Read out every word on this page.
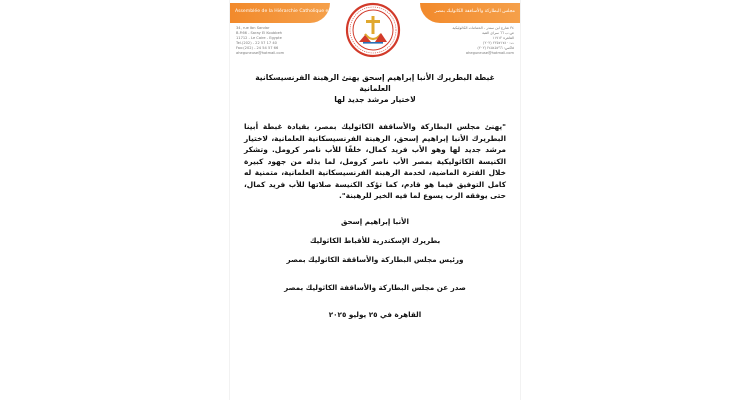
Assemblée de la Hiérarchie Catholique en Egypte	مجلس البطاركة والأساقفة الكاثوليك بمصر
34, rue Ibn Sandar
B.P.66 - Saray El Koubbeh
11712 - Le Caire - Egypte
Tel.(202) - 22 57 17 40
Fax:(202) - 24 54 57 66
aheguneuse@hotmail.com
٣٤ شارع ابن سندر - الحمامات الكاثوليكية
ص.ب ٦٦ سراي القبة
القاهرة ١١٧١٢
ت: ٢٢٥٧١٧٤٠ (٢٠٢)
فاكس: ٢٤٥٤٥٧٦٦ (٢٠٢)
aheguneuse@hotmail.com

غبطة البطريرك الأنبا إبراهيم إسحق يهنئ الرهبنة الفرنسيسكانية العلمانية
لاختيار مرشد جديد لها

"يهنئ مجلس البطاركة والأساقفة الكاثوليك بمصر، بقيادة غبطة أبينا البطريرك الأنبا إبراهيم إسحق، الرهبنة الفرنسيسكانية العلمانية، لاختيار مرشد جديد لها وهو الأب فريد كمال، خلفًا للأب ناصر كرومل. وتشكر الكنيسة الكاثوليكية بمصر الأب ناصر كرومل، لما بذله من جهود كبيرة خلال الفترة الماضية، لخدمة الرهبنة الفرنسيسكانية العلمانية، متمنية له كامل التوفيق فيما هو قادم، كما تؤكد الكنيسة صلاتها للأب فريد كمال، حتى يوفقه الرب يسوع لما فيه الخير للرهبنة".
الأنبا إبراهيم إسحق
بطريرك الإسكندرية للأقباط الكاثوليك
ورئيس مجلس البطاركة والأساقفة الكاثوليك بمصر
صدر عن مجلس البطاركة والأساقفة الكاثوليك بمصر
القاهرة في ٢٥ يوليو ٢٠٢٥
